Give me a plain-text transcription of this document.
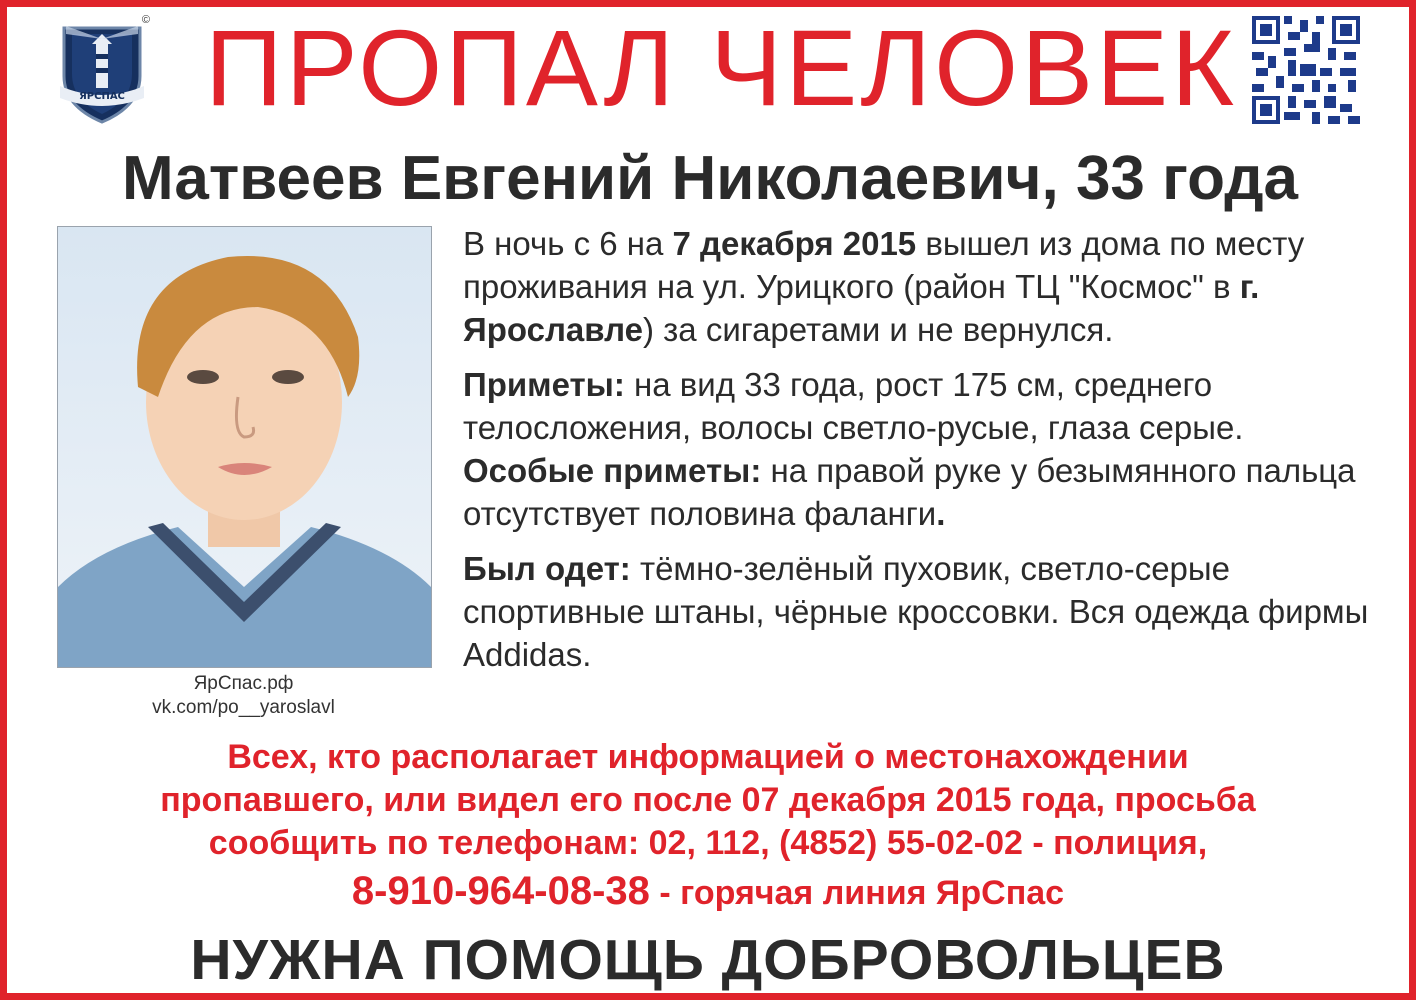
ЯРСПАС
© ПРОПАЛ ЧЕЛОВЕК
Матвеев Евгений Николаевич, 33 года
ЯрСпас.рф
vk.com/po__yaroslavl

В ночь с 6 на 7 декабря 2015 вышел из дома по месту проживания на ул. Урицкого (район ТЦ "Космос" в г. Ярославле) за сигаретами и не вернулся.

Приметы: на вид 33 года, рост 175 см, среднего телосложения, волосы светло-русые, глаза серые.

Особые приметы: на правой руке у безымянного пальца отсутствует половина фаланги.

Был одет: тёмно-зелёный пуховик, светло-серые спортивные штаны, чёрные кроссовки. Вся одежда фирмы Addidas.

Всех, кто располагает информацией о местонахождении
пропавшего, или видел его после 07 декабря 2015 года, просьба
сообщить по телефонам: 02, 112, (4852) 55-02-02 - полиция,
8-910-964-08-38 - горячая линия ЯрСпас
НУЖНА ПОМОЩЬ ДОБРОВОЛЬЦЕВ
